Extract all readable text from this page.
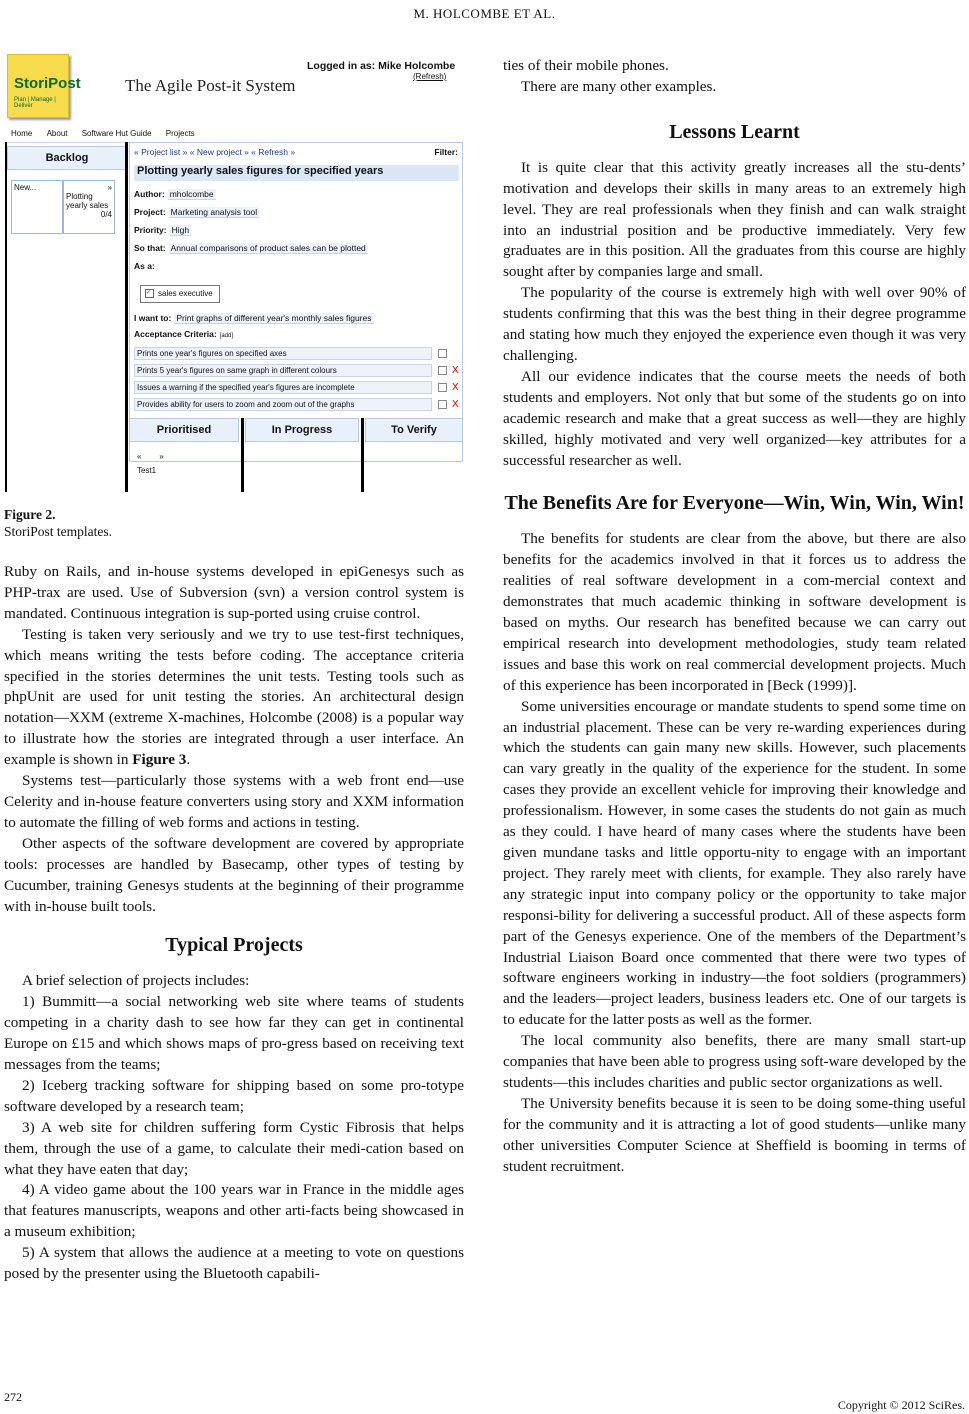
M. HOLCOMBE ET AL.
StoriPost
Plan | Manage | Deliver
The Agile Post-it System
Logged in as: Mike Holcombe
(Refresh)
Home About Software Hut Guide Projects
Backlog
New...	»
Plotting yearly sales
0/4
« Project list » « New project » « Refresh »	Filter:
Plotting yearly sales figures for specified years
Author: mholcombe
Project: Marketing analysis tool
Priority: High
So that: Annual comparisons of product sales can be plotted
As a:
✓ sales executive
I want to: Print graphs of different year's monthly sales figures
Acceptance Criteria: [add]
Prints one year's figures on specified axes
Prints 5 year's figures on same graph in different colours	X
Issues a warning if the specified year's figures are incomplete	X
Provides ability for users to zoom and zoom out of the graphs	X
Prioritised	In Progress	To Verify
«        »
Test1
Figure 2.
StoriPost templates.

Ruby on Rails, and in-house systems developed in epiGenesys such as PHP-trax are used. Use of Subversion (svn) a version control system is mandated. Continuous integration is sup-ported using cruise control.

Testing is taken very seriously and we try to use test-first techniques, which means writing the tests before coding. The acceptance criteria specified in the stories determines the unit tests. Testing tools such as phpUnit are used for unit testing the stories. An architectural design notation—XXM (extreme X-machines, Holcombe (2008) is a popular way to illustrate how the stories are integrated through a user interface. An example is shown in Figure 3.

Systems test—particularly those systems with a web front end—use Celerity and in-house feature converters using story and XXM information to automate the filling of web forms and actions in testing.

Other aspects of the software development are covered by appropriate tools: processes are handled by Basecamp, other types of testing by Cucumber, training Genesys students at the beginning of their programme with in-house built tools.

Typical Projects

A brief selection of projects includes:

1) Bummitt—a social networking web site where teams of students competing in a charity dash to see how far they can get in continental Europe on £15 and which shows maps of pro-gress based on receiving text messages from the teams;

2) Iceberg tracking software for shipping based on some pro-totype software developed by a research team;

3) A web site for children suffering form Cystic Fibrosis that helps them, through the use of a game, to calculate their medi-cation based on what they have eaten that day;

4) A video game about the 100 years war in France in the middle ages that features manuscripts, weapons and other arti-facts being showcased in a museum exhibition;

5) A system that allows the audience at a meeting to vote on questions posed by the presenter using the Bluetooth capabili-

ties of their mobile phones.

There are many other examples.

Lessons Learnt

It is quite clear that this activity greatly increases all the stu-dents’ motivation and develops their skills in many areas to an extremely high level. They are real professionals when they finish and can walk straight into an industrial position and be productive immediately. Very few graduates are in this position. All the graduates from this course are highly sought after by companies large and small.

The popularity of the course is extremely high with well over 90% of students confirming that this was the best thing in their degree programme and stating how much they enjoyed the experience even though it was very challenging.

All our evidence indicates that the course meets the needs of both students and employers. Not only that but some of the students go on into academic research and make that a great success as well—they are highly skilled, highly motivated and very well organized—key attributes for a successful researcher as well.

The Benefits Are for Everyone—Win, Win, Win, Win!

The benefits for students are clear from the above, but there are also benefits for the academics involved in that it forces us to address the realities of real software development in a com-mercial context and demonstrates that much academic thinking in software development is based on myths. Our research has benefited because we can carry out empirical research into development methodologies, study team related issues and base this work on real commercial development projects. Much of this experience has been incorporated in [Beck (1999)].

Some universities encourage or mandate students to spend some time on an industrial placement. These can be very re-warding experiences during which the students can gain many new skills. However, such placements can vary greatly in the quality of the experience for the student. In some cases they provide an excellent vehicle for improving their knowledge and professionalism. However, in some cases the students do not gain as much as they could. I have heard of many cases where the students have been given mundane tasks and little opportu-nity to engage with an important project. They rarely meet with clients, for example. They also rarely have any strategic input into company policy or the opportunity to take major responsi-bility for delivering a successful product. All of these aspects form part of the Genesys experience. One of the members of the Department’s Industrial Liaison Board once commented that there were two types of software engineers working in industry—the foot soldiers (programmers) and the leaders—project leaders, business leaders etc. One of our targets is to educate for the latter posts as well as the former.

The local community also benefits, there are many small start-up companies that have been able to progress using soft-ware developed by the students—this includes charities and public sector organizations as well.

The University benefits because it is seen to be doing some-thing useful for the community and it is attracting a lot of good students—unlike many other universities Computer Science at Sheffield is booming in terms of student recruitment.

272
Copyright © 2012 SciRes.
